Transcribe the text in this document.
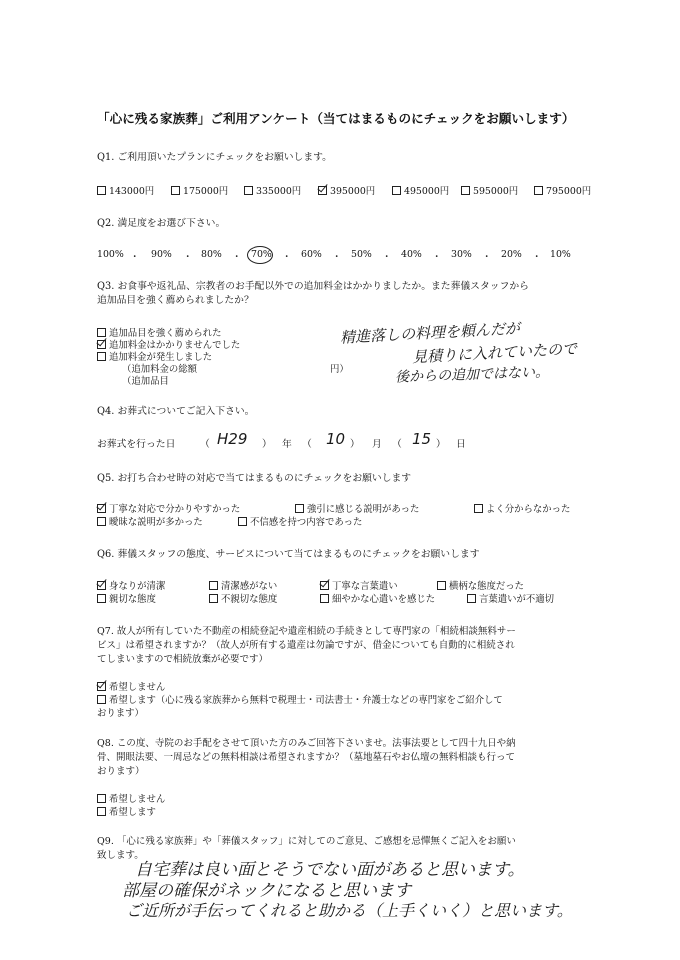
「心に残る家族葬」ご利用アンケート（当てはまるものにチェックをお願いします）
Q1. ご利用頂いたプランにチェックをお願いします。
143000円	175000円	335000円	395000円	495000円	595000円	795000円
Q2. 満足度をお選び下さい。
100% ・ 90% ・ 80% ・ 70% ・ 60% ・ 50% ・ 40% ・ 30% ・ 20% ・ 10%
Q3. お食事や返礼品、宗教者のお手配以外での追加料金はかかりましたか。また葬儀スタッフから
追加品目を強く薦められましたか？
追加品目を強く薦められた
追加料金はかかりませんでした
追加料金が発生しました
（追加料金の総額	円）
（追加品目
精進落しの料理を頼んだが
見積りに入れていたので
後からの追加ではない。
Q4. お葬式についてご記入下さい。
お葬式を行った日	（ H29 ） 年 （ 10 ） 月 （ 15 ） 日
Q5. お打ち合わせ時の対応で当てはまるものにチェックをお願いします
丁寧な対応で分かりやすかった	強引に感じる説明があった	よく分からなかった
曖昧な説明が多かった	不信感を持つ内容であった
Q6. 葬儀スタッフの態度、サービスについて当てはまるものにチェックをお願いします
身なりが清潔	清潔感がない	丁寧な言葉遣い	横柄な態度だった
親切な態度	不親切な態度	細やかな心遣いを感じた	言葉遣いが不適切
Q7. 故人が所有していた不動産の相続登記や遺産相続の手続きとして専門家の「相続相談無料サー
ビス」は希望されますか？（故人が所有する遺産は勿論ですが、借金についても自動的に相続され
てしまいますので相続放棄が必要です）
希望しません
希望します（心に残る家族葬から無料で税理士・司法書士・弁護士などの専門家をご紹介して
おります）
Q8. この度、寺院のお手配をさせて頂いた方のみご回答下さいませ。法事法要として四十九日や納
骨、開眼法要、一周忌などの無料相談は希望されますか？（墓地墓石やお仏壇の無料相談も行って
おります）
希望しません
希望します
Q9. 「心に残る家族葬」や「葬儀スタッフ」に対してのご意見、ご感想を忌憚無くご記入をお願い
致します。
自宅葬は良い面とそうでない面があると思います。
部屋の確保がネックになると思います
ご近所が手伝ってくれると助かる（上手くいく）と思います。
